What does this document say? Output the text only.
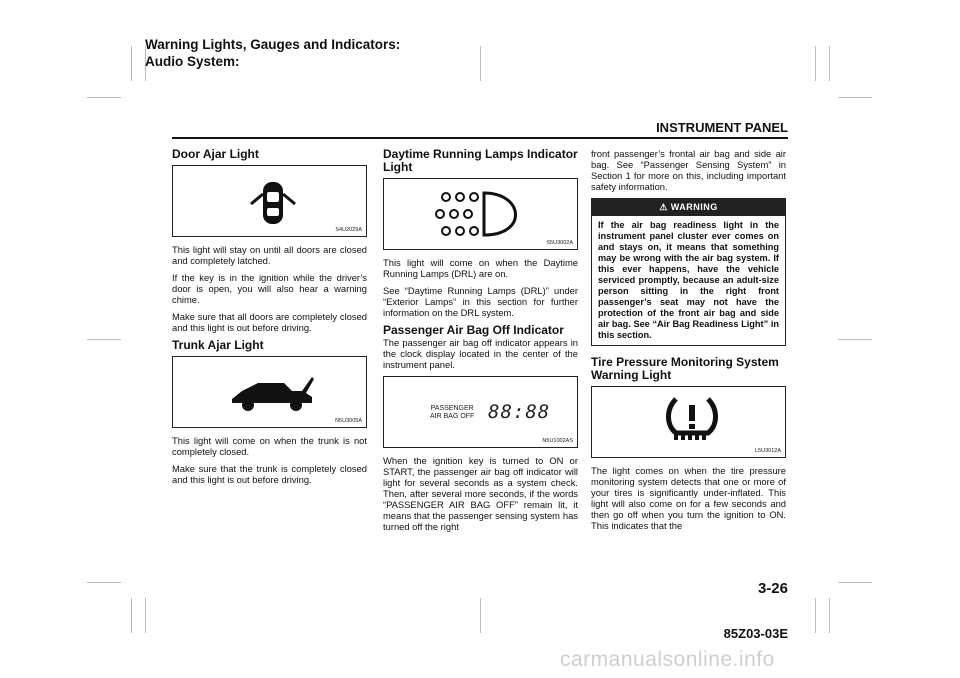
Warning Lights, Gauges and Indicators:
Audio System:
INSTRUMENT PANEL
Door Ajar Light
S4U2029A

This light will stay on until all doors are closed and completely latched.

If the key is in the ignition while the driver’s door is open, you will also hear a warning chime.

Make sure that all doors are completely closed and this light is out before driving.

Trunk Ajar Light
N5U3005A

This light will come on when the trunk is not completely closed.

Make sure that the trunk is completely closed and this light is out before driving.

Daytime Running Lamps Indicator Light
S5U3002A

This light will come on when the Daytime Running Lamps (DRL) are on.

See “Daytime Running Lamps (DRL)” under “Exterior Lamps” in this section for further information on the DRL system.

Passenger Air Bag Off Indicator

The passenger air bag off indicator appears in the clock display located in the center of the instrument panel.

PASSENGER
AIR BAG OFF 88:88
N5U1002AS

When the ignition key is turned to ON or START, the passenger air bag off indicator will light for several seconds as a system check. Then, after several more seconds, if the words “PASSENGER AIR BAG OFF” remain lit, it means that the passenger sensing system has turned off the right

front passenger’s frontal air bag and side air bag. See “Passenger Sensing System” in Section 1 for more on this, including important safety information.

⚠ WARNING
If the air bag readiness light in the instrument panel cluster ever comes on and stays on, it means that something may be wrong with the air bag system. If this ever happens, have the vehicle serviced promptly, because an adult-size person sitting in the right front passenger’s seat may not have the protection of the front air bag and side air bag. See “Air Bag Readiness Light” in this section.
Tire Pressure Monitoring System Warning Light
L5U3012A

The light comes on when the tire pressure monitoring system detects that one or more of your tires is significantly under-inflated. This light will also come on for a few seconds and then go off when you turn the ignition to ON. This indicates that the

3-26
85Z03-03E
carmanualsonline.info
